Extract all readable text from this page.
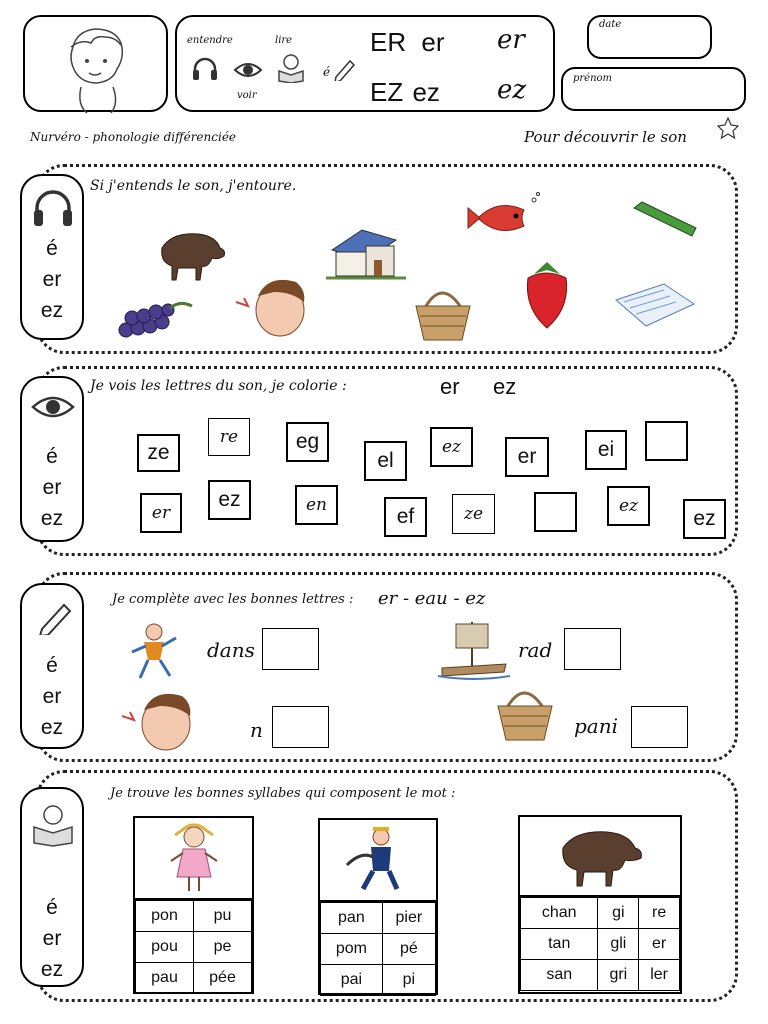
entendre	lire
voir
é
ER er
EZ ez
er
ez
date
prénom
Nurvéro - phonologie différenciée	Pour découvrir le son
é
er
ez
Si j'entends le son, j'entoure.
é
er
ez
Je vois les lettres du son, je colorie :	er ez
ze
re	eg
el
ez	er	ei
er
ez	en	ef	ze	ez
ez
é
er
ez
Je complète avec les bonnes lettres : er - eau - ez
dans	rad
n	pani
é
er
ez
Je trouve les bonnes syllabes qui composent le mot :
pon	pu
pou	pe
pau	pée
pan	pier
pom	pé
pai	pi
chan	gi	re
tan	gli	er
san	gri	ler
